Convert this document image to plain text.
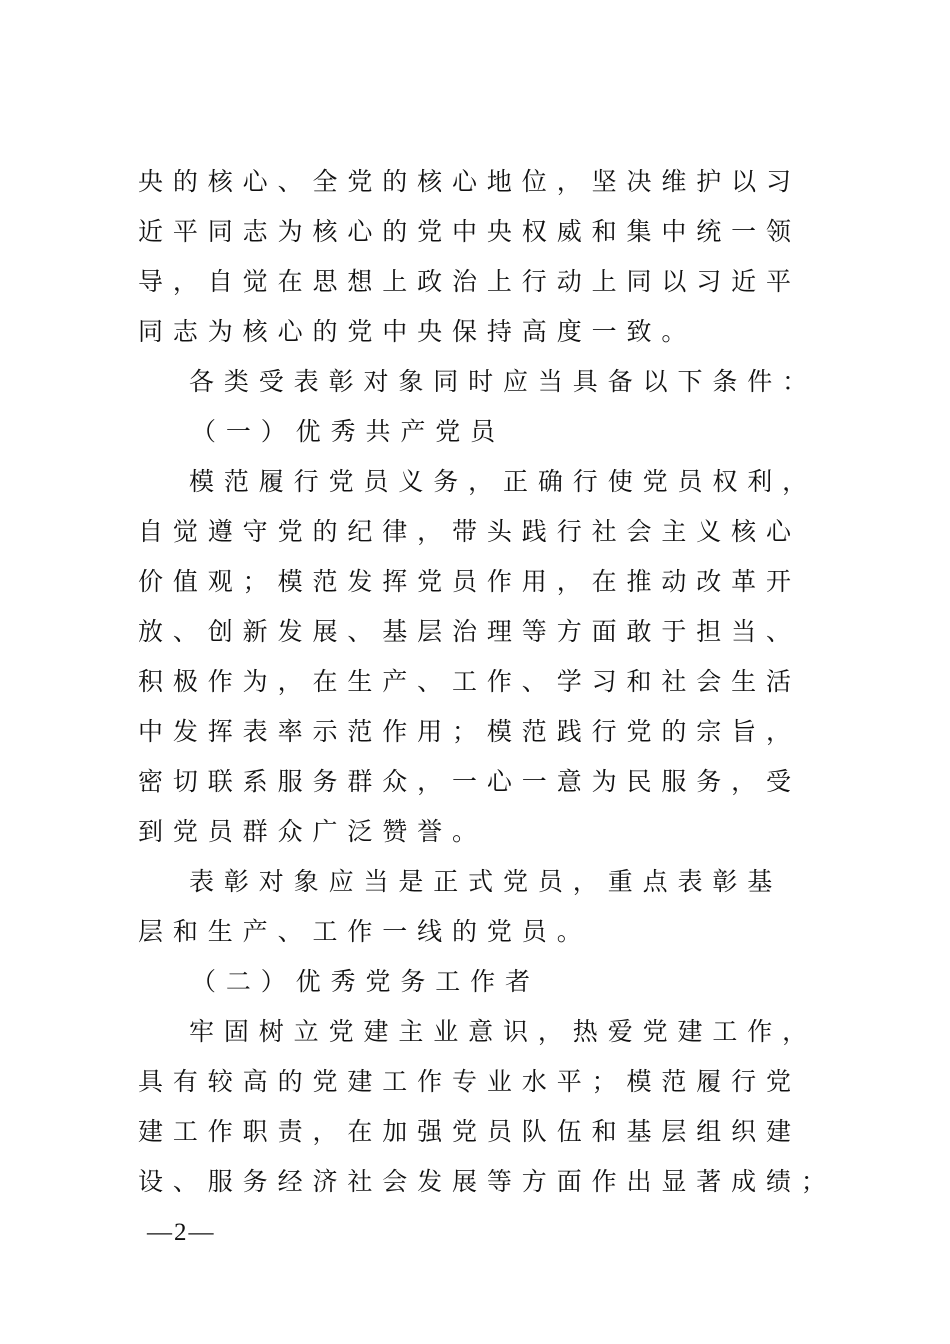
央 的 核 心 、 全 党 的 核 心 地 位 ， 坚 决 维 护 以 习
近 平 同 志 为 核 心 的 党 中 央 权 威 和 集 中 统 一 领
导 ， 自 觉 在 思 想 上 政 治 上 行 动 上 同 以 习 近 平
同 志 为 核 心 的 党 中 央 保 持 高 度 一 致 。
各 类 受 表 彰 对 象 同 时 应 当 具 备 以 下 条 件 ：
（ 一 ） 优 秀 共 产 党 员
模 范 履 行 党 员 义 务 ， 正 确 行 使 党 员 权 利 ，
自 觉 遵 守 党 的 纪 律 ， 带 头 践 行 社 会 主 义 核 心
价 值 观 ； 模 范 发 挥 党 员 作 用 ， 在 推 动 改 革 开
放 、 创 新 发 展 、 基 层 治 理 等 方 面 敢 于 担 当 、
积 极 作 为 ， 在 生 产 、 工 作 、 学 习 和 社 会 生 活
中 发 挥 表 率 示 范 作 用 ； 模 范 践 行 党 的 宗 旨 ，
密 切 联 系 服 务 群 众 ， 一 心 一 意 为 民 服 务 ， 受
到 党 员 群 众 广 泛 赞 誉 。
表 彰 对 象 应 当 是 正 式 党 员 ， 重 点 表 彰 基
层 和 生 产 、 工 作 一 线 的 党 员 。
（ 二 ） 优 秀 党 务 工 作 者
牢 固 树 立 党 建 主 业 意 识 ， 热 爱 党 建 工 作 ，
具 有 较 高 的 党 建 工 作 专 业 水 平 ； 模 范 履 行 党
建 工 作 职 责 ， 在 加 强 党 员 队 伍 和 基 层 组 织 建
设 、 服 务 经 济 社 会 发 展 等 方 面 作 出 显 著 成 绩 ；
—2—
